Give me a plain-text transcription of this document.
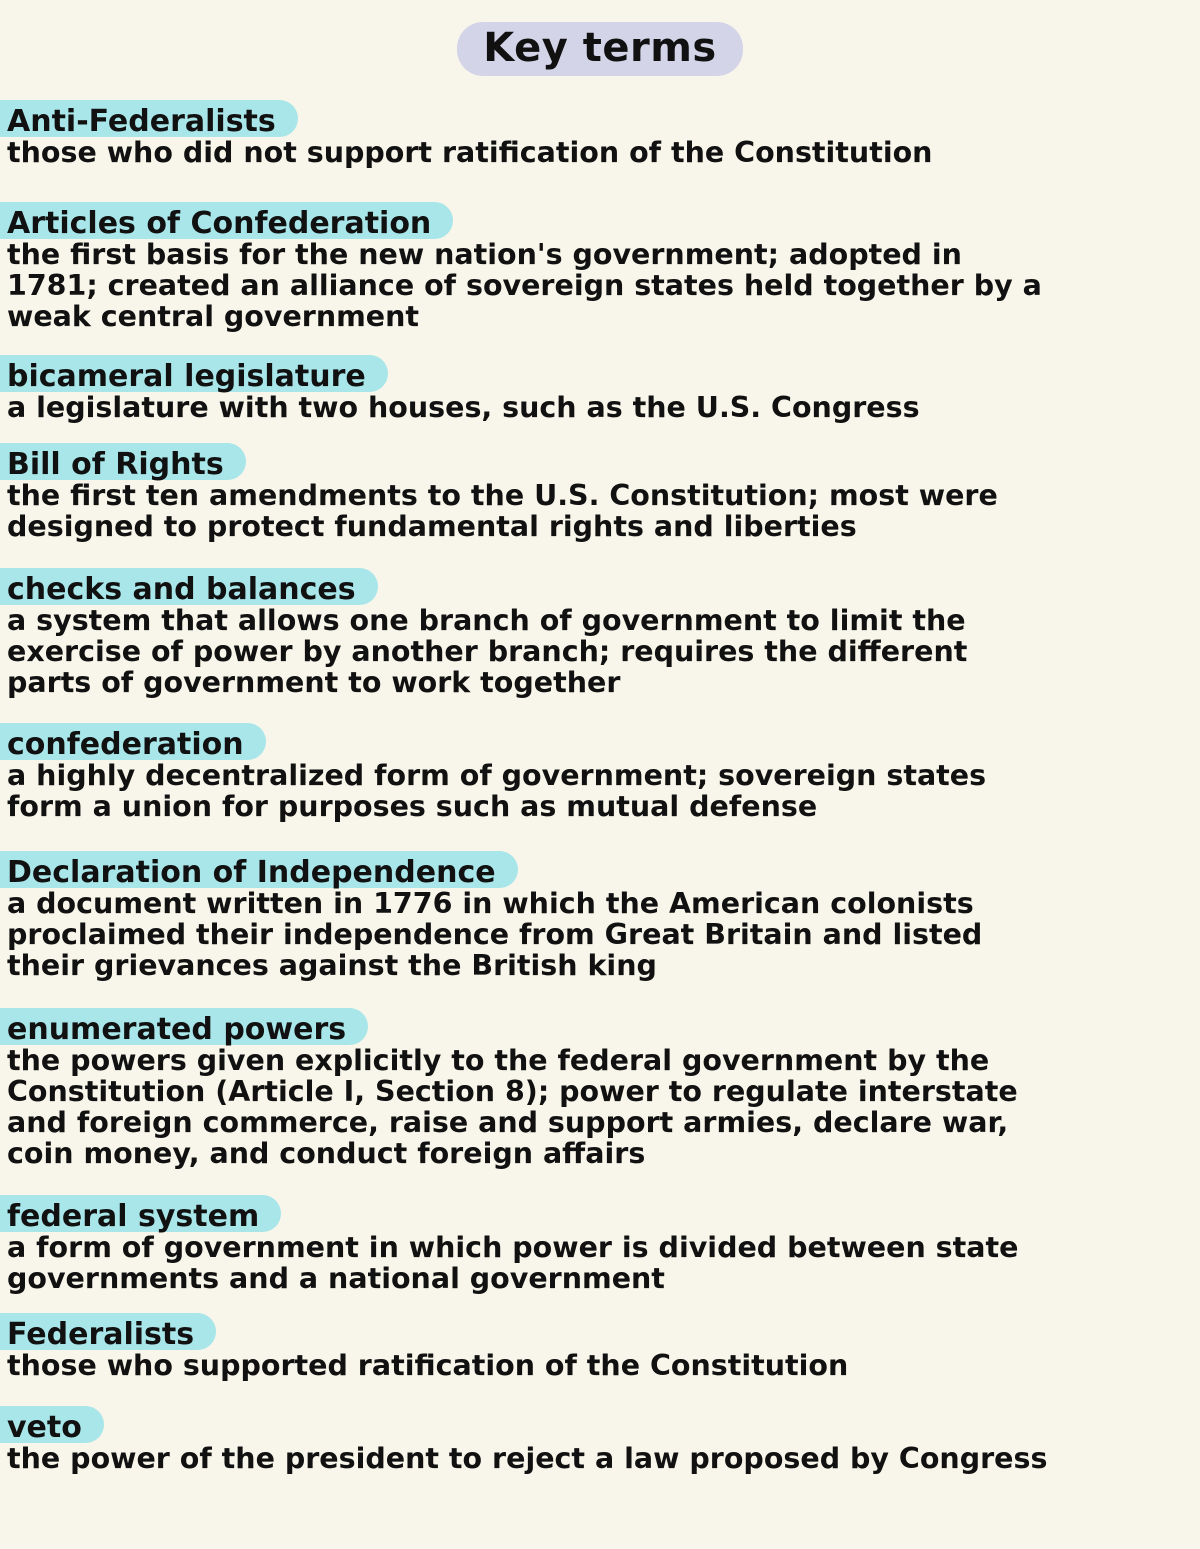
Key terms
Anti-Federalists

those who did not support ratification of the Constitution

Articles of Confederation

the first basis for the new nation's government; adopted in
1781; created an alliance of sovereign states held together by a
weak central government

bicameral legislature

a legislature with two houses, such as the U.S. Congress

Bill of Rights

the first ten amendments to the U.S. Constitution; most were
designed to protect fundamental rights and liberties

checks and balances

a system that allows one branch of government to limit the
exercise of power by another branch; requires the different
parts of government to work together

confederation

a highly decentralized form of government; sovereign states
form a union for purposes such as mutual defense

Declaration of Independence

a document written in 1776 in which the American colonists
proclaimed their independence from Great Britain and listed
their grievances against the British king

enumerated powers

the powers given explicitly to the federal government by the
Constitution (Article I, Section 8); power to regulate interstate
and foreign commerce, raise and support armies, declare war,
coin money, and conduct foreign affairs

federal system

a form of government in which power is divided between state
governments and a national government

Federalists

those who supported ratification of the Constitution

veto

the power of the president to reject a law proposed by Congress
